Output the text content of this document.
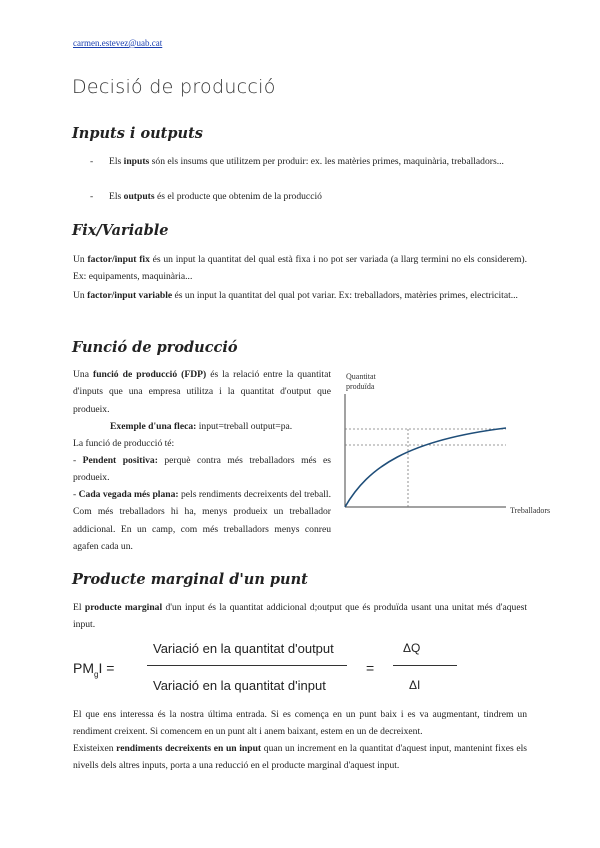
carmen.estevez@uab.cat
Decisió de producció
Inputs i outputs
- Els inputs són els insums que utilitzem per produir: ex. les matèries primes, maquinària, treballadors...
- Els outputs és el producte que obtenim de la producció
Fix/Variable
Un factor/input fix és un input la quantitat del qual està fixa i no pot ser variada (a llarg termini no els considerem). Ex: equipaments, maquinària...
Un factor/input variable és un input la quantitat del qual pot variar. Ex: treballadors, matèries primes, electricitat...
Funció de producció
Una funció de producció (FDP) és la relació entre la quantitat d'inputs que una empresa utilitza i la quantitat d'output que produeix.
Exemple d'una fleca: input=treball output=pa.
La funció de producció té:
- Pendent positiva: perquè contra més treballadors més es produeix.
- Cada vegada més plana: pels rendiments decreixents del treball. Com més treballadors hi ha, menys produeix un treballador addicional. En un camp, com més treballadors menys conreu agafen cada un.
Quantitat
produïda
Treballadors
Producte marginal d'un punt
El producte marginal d'un input és la quantitat addicional d;output que és produïda usant una unitat més d'aquest input.
$PM_gI$ =
Variació en la quantitat d'output
Variació en la quantitat d'input
=
ΔQ
ΔI
El que ens interessa és la nostra última entrada. Si es comença en un punt baix i es va augmentant, tindrem un rendiment creixent. Si comencem en un punt alt i anem baixant, estem en un de decreixent.
Existeixen rendiments decreixents en un input quan un increment en la quantitat d'aquest input, mantenint fixes els nivells dels altres inputs, porta a una reducció en el producte marginal d'aquest input.
